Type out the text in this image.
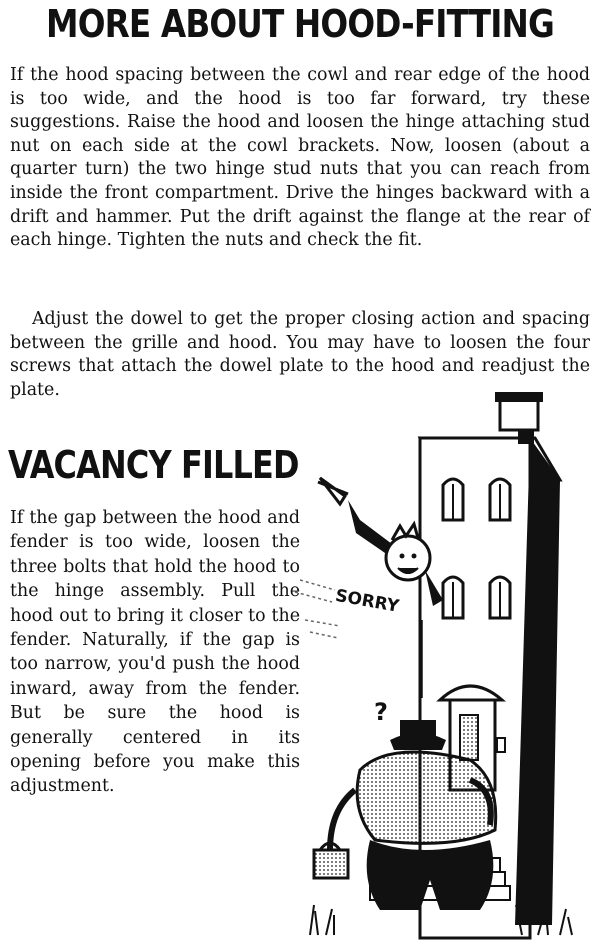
MORE ABOUT HOOD-FITTING

If the hood spacing between the cowl and rear edge of the hood is too wide, and the hood is too far forward, try these suggestions. Raise the hood and loosen the hinge attaching stud nut on each side at the cowl brackets. Now, loosen (about a quarter turn) the two hinge stud nuts that you can reach from inside the front compartment. Drive the hinges backward with a drift and hammer. Put the drift against the flange at the rear of each hinge. Tighten the nuts and check the fit.

Adjust the dowel to get the proper closing action and spacing between the grille and hood. You may have to loosen the four screws that attach the dowel plate to the hood and readjust the plate.

VACANCY FILLED

If the gap between the hood and fender is too wide, loosen the three bolts that hold the hood to the hinge assembly. Pull the hood out to bring it closer to the fender. Naturally, if the gap is too narrow, you'd push the hood inward, away from the fender. But be sure the hood is generally centered in its opening before you make this adjustment.

SORRY
?
